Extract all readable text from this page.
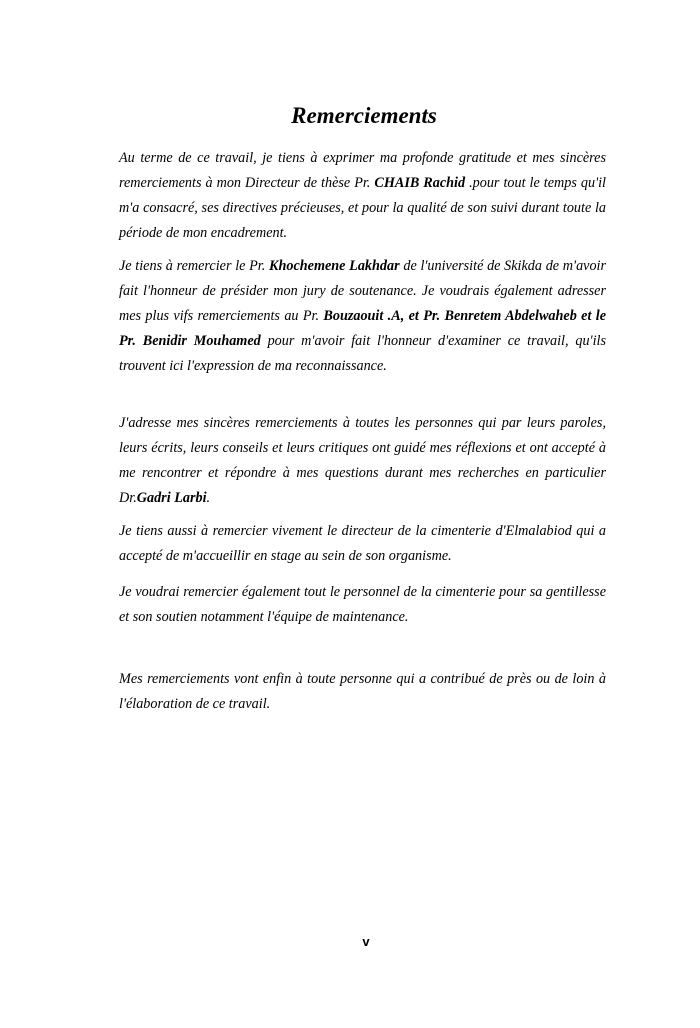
Remerciements

Au terme de ce travail, je tiens à exprimer ma profonde gratitude et mes sincères remerciements à mon Directeur de thèse Pr. CHAIB Rachid .pour tout le temps qu'il m'a consacré, ses directives précieuses, et pour la qualité de son suivi durant toute la période de mon encadrement.

Je tiens à remercier le Pr. Khochemene Lakhdar de l'université de Skikda de m'avoir fait l'honneur de présider mon jury de soutenance. Je voudrais également adresser mes plus vifs remerciements au Pr. Bouzaouit .A, et Pr. Benretem Abdelwaheb et le Pr. Benidir Mouhamed pour m'avoir fait l'honneur d'examiner ce travail, qu'ils trouvent ici l'expression de ma reconnaissance.

J'adresse mes sincères remerciements à toutes les personnes qui par leurs paroles, leurs écrits, leurs conseils et leurs critiques ont guidé mes réflexions et ont accepté à me rencontrer et répondre à mes questions durant mes recherches en particulier Dr.Gadri Larbi.

Je tiens aussi à remercier vivement le directeur de la cimenterie d'Elmalabiod qui a accepté de m'accueillir en stage au sein de son organisme.

Je voudrai remercier également tout le personnel de la cimenterie pour sa gentillesse et son soutien notamment l'équipe de maintenance.

Mes remerciements vont enfin à toute personne qui a contribué de près ou de loin à l'élaboration de ce travail.

v
